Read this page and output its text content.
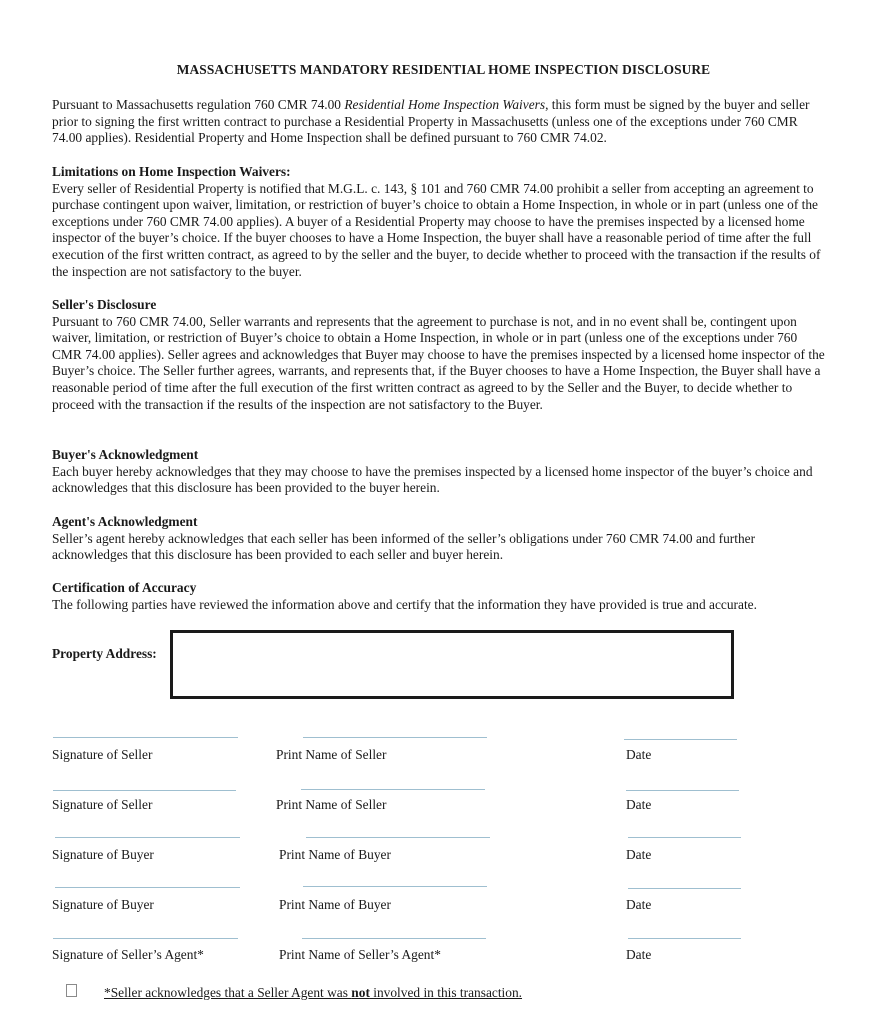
MASSACHUSETTS MANDATORY RESIDENTIAL HOME INSPECTION DISCLOSURE
Pursuant to Massachusetts regulation 760 CMR 74.00 Residential Home Inspection Waivers, this form must be signed by the buyer and seller prior to signing the first written contract to purchase a Residential Property in Massachusetts (unless one of the exceptions under 760 CMR 74.00 applies). Residential Property and Home Inspection shall be defined pursuant to 760 CMR 74.02.
Limitations on Home Inspection Waivers:
Every seller of Residential Property is notified that M.G.L. c. 143, § 101 and 760 CMR 74.00 prohibit a seller from accepting an agreement to purchase contingent upon waiver, limitation, or restriction of buyer’s choice to obtain a Home Inspection, in whole or in part (unless one of the exceptions under 760 CMR 74.00 applies). A buyer of a Residential Property may choose to have the premises inspected by a licensed home inspector of the buyer’s choice. If the buyer chooses to have a Home Inspection, the buyer shall have a reasonable period of time after the full execution of the first written contract, as agreed to by the seller and the buyer, to decide whether to proceed with the transaction if the results of the inspection are not satisfactory to the buyer.
Seller's Disclosure
Pursuant to 760 CMR 74.00, Seller warrants and represents that the agreement to purchase is not, and in no event shall be, contingent upon waiver, limitation, or restriction of Buyer’s choice to obtain a Home Inspection, in whole or in part (unless one of the exceptions under 760 CMR 74.00 applies). Seller agrees and acknowledges that Buyer may choose to have the premises inspected by a licensed home inspector of the Buyer’s choice. The Seller further agrees, warrants, and represents that, if the Buyer chooses to have a Home Inspection, the Buyer shall have a reasonable period of time after the full execution of the first written contract as agreed to by the Seller and the Buyer, to decide whether to proceed with the transaction if the results of the inspection are not satisfactory to the Buyer.
Buyer's Acknowledgment
Each buyer hereby acknowledges that they may choose to have the premises inspected by a licensed home inspector of the buyer’s choice and acknowledges that this disclosure has been provided to the buyer herein.
Agent's Acknowledgment
Seller’s agent hereby acknowledges that each seller has been informed of the seller’s obligations under 760 CMR 74.00 and further acknowledges that this disclosure has been provided to each seller and buyer herein.
Certification of Accuracy
The following parties have reviewed the information above and certify that the information they have provided is true and accurate.
Property Address:
Signature of Seller	Print Name of Seller	Date
Signature of Seller	Print Name of Seller	Date
Signature of Buyer	Print Name of Buyer	Date
Signature of Buyer	Print Name of Buyer	Date
Signature of Seller’s Agent*	Print Name of Seller’s Agent*	Date
*Seller acknowledges that a Seller Agent was not involved in this transaction.
